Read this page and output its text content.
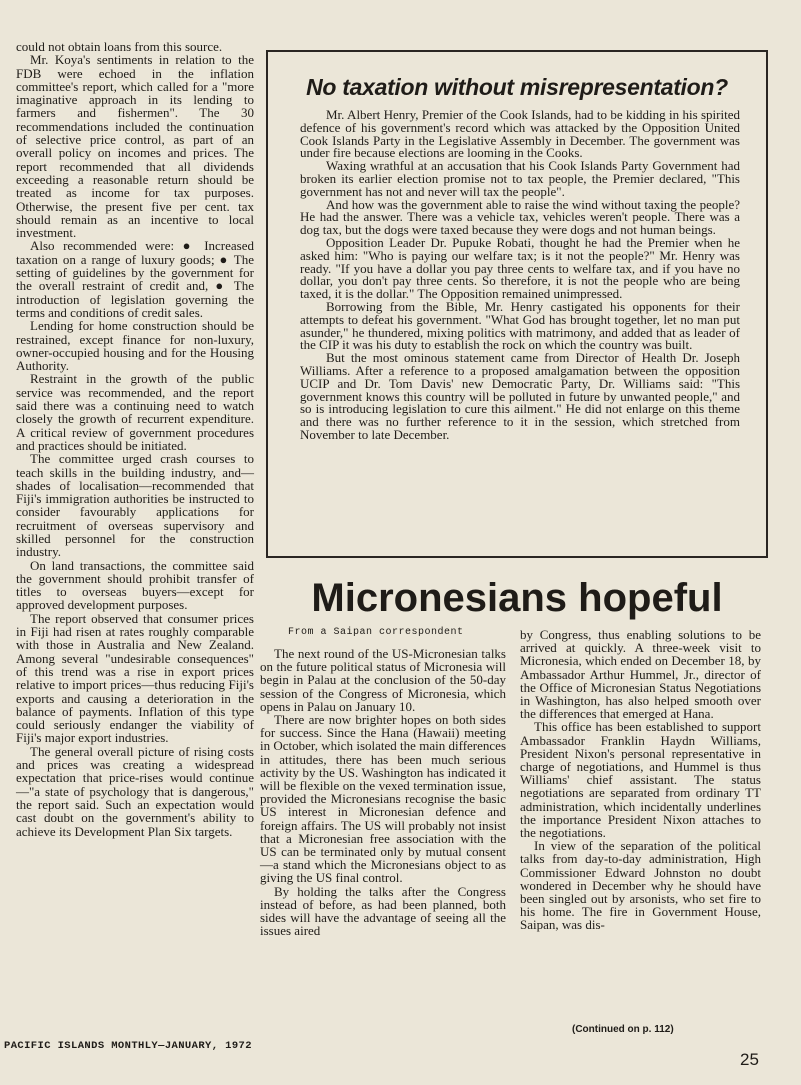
could not obtain loans from this source.

Mr. Koya's sentiments in relation to the FDB were echoed in the inflation committee's report, which called for a "more imaginative approach in its lending to farmers and fishermen". The 30 recommendations included the continuation of selective price control, as part of an overall policy on incomes and prices. The report recommended that all dividends exceeding a reasonable return should be treated as income for tax purposes. Otherwise, the present five per cent. tax should remain as an incentive to local investment.

Also recommended were: ● Increased taxation on a range of luxury goods; ● The setting of guidelines by the government for the overall restraint of credit and, ● The introduction of legislation governing the terms and conditions of credit sales.

Lending for home construction should be restrained, except finance for non-luxury, owner-occupied housing and for the Housing Authority.

Restraint in the growth of the public service was recommended, and the report said there was a continuing need to watch closely the growth of recurrent expenditure. A critical review of government procedures and practices should be initiated.

The committee urged crash courses to teach skills in the building industry, and—shades of localisation—recommended that Fiji's immigration authorities be instructed to consider favourably applications for recruitment of overseas supervisory and skilled personnel for the construction industry.

On land transactions, the committee said the government should prohibit transfer of titles to overseas buyers—except for approved development purposes.

The report observed that consumer prices in Fiji had risen at rates roughly comparable with those in Australia and New Zealand. Among several "undesirable consequences" of this trend was a rise in export prices relative to import prices—thus reducing Fiji's exports and causing a deterioration in the balance of payments. Inflation of this type could seriously endanger the viability of Fiji's major export industries.

The general overall picture of rising costs and prices was creating a widespread expectation that price-rises would continue—"a state of psychology that is dangerous," the report said. Such an expectation would cast doubt on the government's ability to achieve its Development Plan Six targets.

No taxation without misrepresentation?

Mr. Albert Henry, Premier of the Cook Islands, had to be kidding in his spirited defence of his government's record which was attacked by the Opposition United Cook Islands Party in the Legislative Assembly in December. The government was under fire because elections are looming in the Cooks.

Waxing wrathful at an accusation that his Cook Islands Party Government had broken its earlier election promise not to tax people, the Premier declared, "This government has not and never will tax the people".

And how was the government able to raise the wind without taxing the people? He had the answer. There was a vehicle tax, vehicles weren't people. There was a dog tax, but the dogs were taxed because they were dogs and not human beings.

Opposition Leader Dr. Pupuke Robati, thought he had the Premier when he asked him: "Who is paying our welfare tax; is it not the people?" Mr. Henry was ready. "If you have a dollar you pay three cents to welfare tax, and if you have no dollar, you don't pay three cents. So therefore, it is not the people who are being taxed, it is the dollar." The Opposition remained unimpressed.

Borrowing from the Bible, Mr. Henry castigated his opponents for their attempts to defeat his government. "What God has brought together, let no man put asunder," he thundered, mixing politics with matrimony, and added that as leader of the CIP it was his duty to establish the rock on which the country was built.

But the most ominous statement came from Director of Health Dr. Joseph Williams. After a reference to a proposed amalgamation between the opposition UCIP and Dr. Tom Davis' new Democratic Party, Dr. Williams said: "This government knows this country will be polluted in future by unwanted people," and so is introducing legislation to cure this ailment." He did not enlarge on this theme and there was no further reference to it in the session, which stretched from November to late December.

Micronesians hopeful
From a Saipan correspondent

The next round of the US-Micronesian talks on the future political status of Micronesia will begin in Palau at the conclusion of the 50-day session of the Congress of Micronesia, which opens in Palau on January 10.

There are now brighter hopes on both sides for success. Since the Hana (Hawaii) meeting in October, which isolated the main differences in attitudes, there has been much serious activity by the US. Washington has indicated it will be flexible on the vexed termination issue, provided the Micronesians recognise the basic US interest in Micronesian defence and foreign affairs. The US will probably not insist that a Micronesian free association with the US can be terminated only by mutual consent—a stand which the Micronesians object to as giving the US final control.

By holding the talks after the Congress instead of before, as had been planned, both sides will have the advantage of seeing all the issues aired

by Congress, thus enabling solutions to be arrived at quickly. A three-week visit to Micronesia, which ended on December 18, by Ambassador Arthur Hummel, Jr., director of the Office of Micronesian Status Negotiations in Washington, has also helped smooth over the differences that emerged at Hana.

This office has been established to support Ambassador Franklin Haydn Williams, President Nixon's personal representative in charge of negotiations, and Hummel is thus Williams' chief assistant. The status negotiations are separated from ordinary TT administration, which incidentally underlines the importance President Nixon attaches to the negotiations.

In view of the separation of the political talks from day-to-day administration, High Commissioner Edward Johnston no doubt wondered in December why he should have been singled out by arsonists, who set fire to his home. The fire in Government House, Saipan, was dis-

(Continued on p. 112)
PACIFIC ISLANDS MONTHLY—JANUARY, 1972
25
